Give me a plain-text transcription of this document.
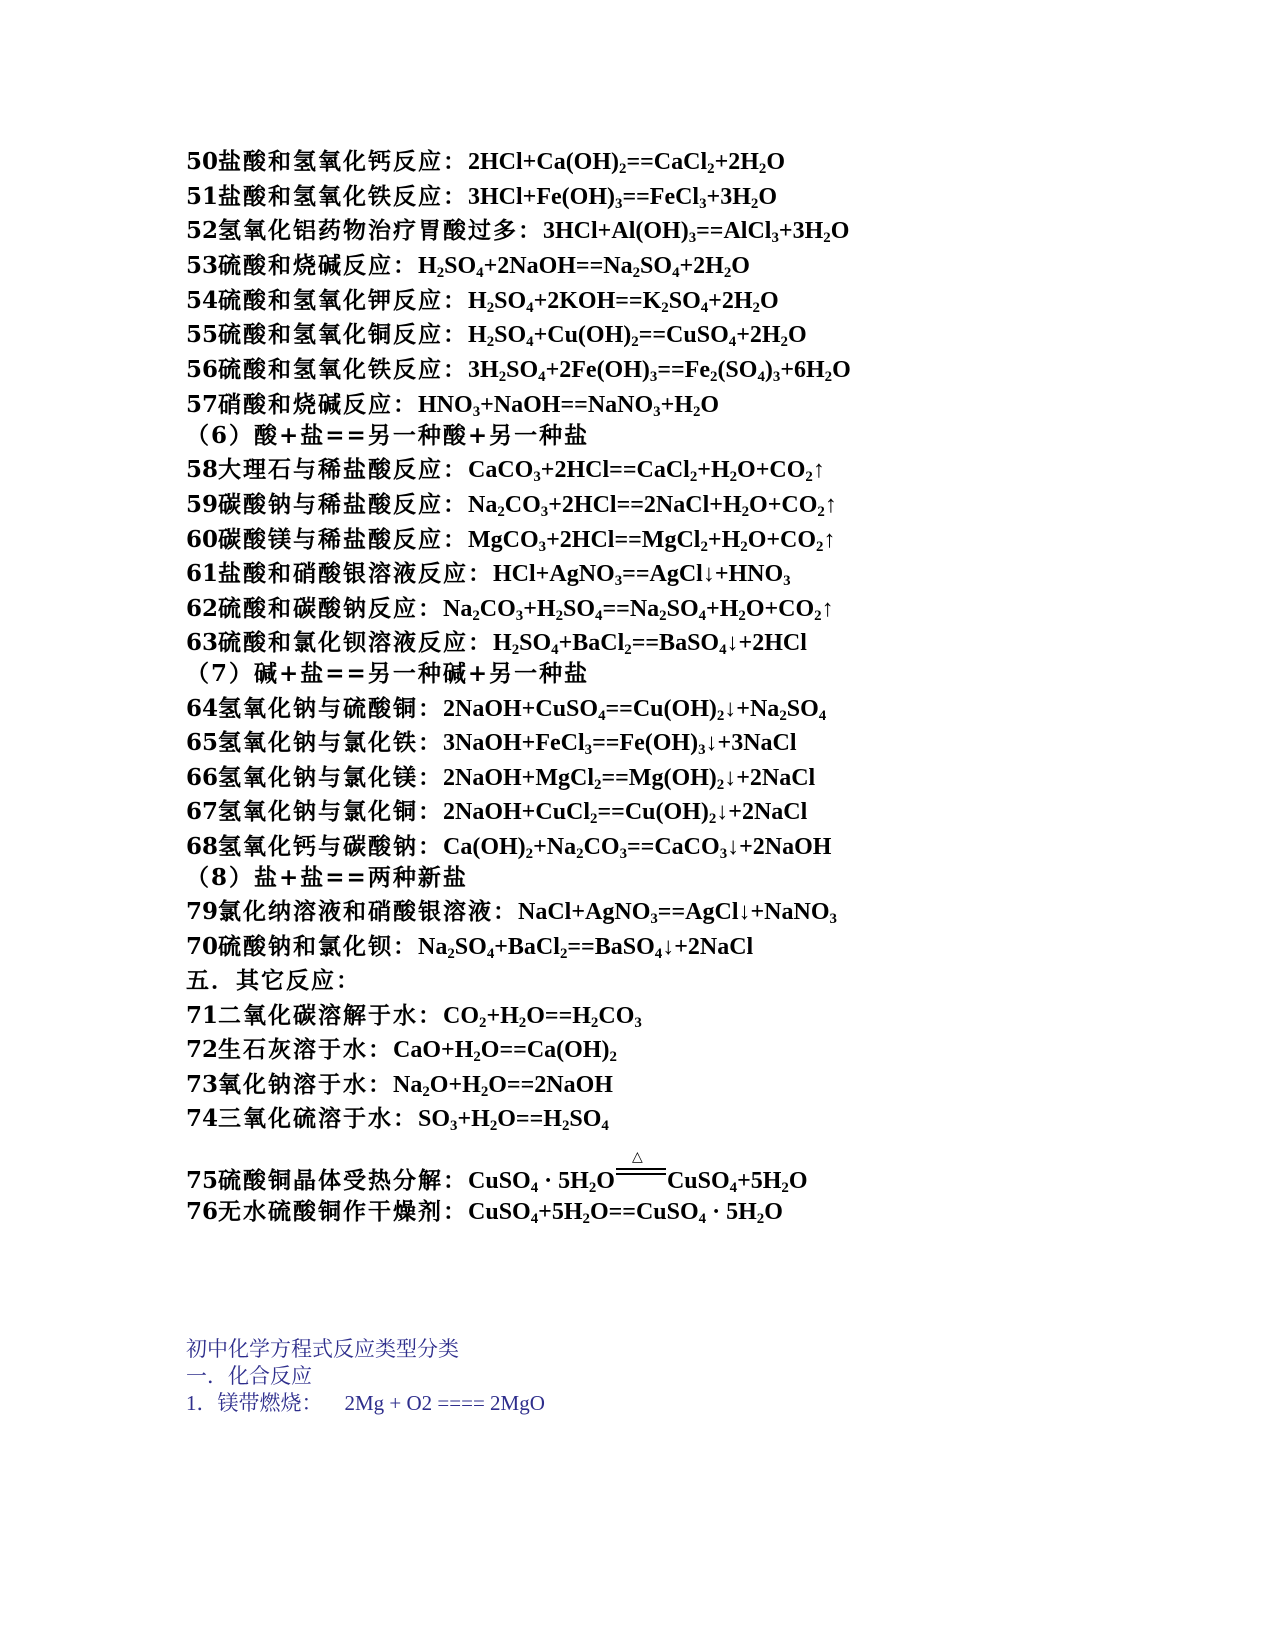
50盐酸和氢氧化钙反应：$2HCl+Ca(OH)_2==CaCl_2+2H_2O$
51盐酸和氢氧化铁反应：$3HCl+Fe(OH)_3==FeCl_3+3H_2O$
52氢氧化铝药物治疗胃酸过多：$3HCl+Al(OH)_3==AlCl_3+3H_2O$
53硫酸和烧碱反应：$H_2SO_4+2NaOH==Na_2SO_4+2H_2O$
54硫酸和氢氧化钾反应：$H_2SO_4+2KOH==K_2SO_4+2H_2O$
55硫酸和氢氧化铜反应：$H_2SO_4+Cu(OH)_2==CuSO_4+2H_2O$
56硫酸和氢氧化铁反应：$3H_2SO_4+2Fe(OH)_3==Fe_2(SO_4)_3+6H_2O$
57硝酸和烧碱反应：$HNO_3+NaOH==NaNO_3+H_2O$
（6）酸+盐==另一种酸+另一种盐
58大理石与稀盐酸反应：$CaCO_3+2HCl==CaCl_2+H_2O+CO_2↑$
59碳酸钠与稀盐酸反应：$Na_2CO_3+2HCl==2NaCl+H_2O+CO_2↑$
60碳酸镁与稀盐酸反应：$MgCO_3+2HCl==MgCl_2+H_2O+CO_2↑$
61盐酸和硝酸银溶液反应：$HCl+AgNO_3==AgCl↓+HNO_3$
62硫酸和碳酸钠反应：$Na_2CO_3+H_2SO_4==Na_2SO_4+H_2O+CO_2↑$
63硫酸和氯化钡溶液反应：$H_2SO_4+BaCl_2==BaSO_4↓+2HCl$
（7）碱+盐==另一种碱+另一种盐
64氢氧化钠与硫酸铜：$2NaOH+CuSO_4==Cu(OH)_2↓+Na_2SO_4$
65氢氧化钠与氯化铁：$3NaOH+FeCl_3==Fe(OH)_3↓+3NaCl$
66氢氧化钠与氯化镁：$2NaOH+MgCl_2==Mg(OH)_2↓+2NaCl$
67氢氧化钠与氯化铜：$2NaOH+CuCl_2==Cu(OH)_2↓+2NaCl$
68氢氧化钙与碳酸钠：$Ca(OH)_2+Na_2CO_3==CaCO_3↓+2NaOH$
（8）盐+盐==两种新盐
79氯化纳溶液和硝酸银溶液：NaCl+AgNO$_3$==AgCl↓+NaNO$_3$
70硫酸钠和氯化钡：$Na_2SO_4+BaCl_2==BaSO_4↓+2NaCl$
五．其它反应：
71二氧化碳溶解于水：$CO_2+H_2O==H_2CO_3$
72生石灰溶于水：$CaO+H_2O==Ca(OH)_2$
73氧化钠溶于水：$Na_2O+H_2O==2NaOH$
74三氧化硫溶于水：$SO_3+H_2O==H_2SO_4$
75硫酸铜晶体受热分解：CuSO$_4$ · $5H_2O$
△
$CuSO_4+5H_2O$
76无水硫酸铜作干燥剂：$CuSO_4+5H_2O==CuSO_4 \cdot 5H_2O$
初中化学方程式反应类型分类
一．化合反应
1．镁带燃烧： 2Mg + O2 ==== 2MgO
